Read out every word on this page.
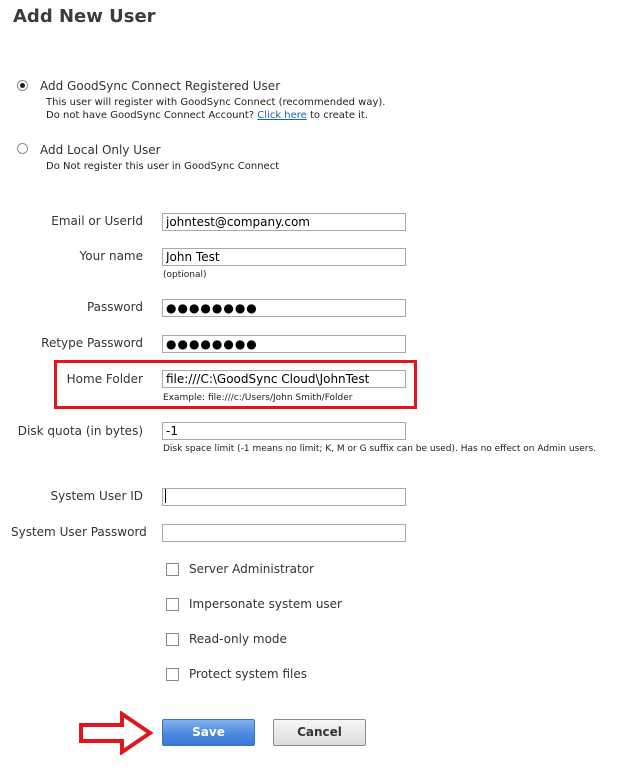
Add New User
Add GoodSync Connect Registered User
This user will register with GoodSync Connect (recommended way).
Do not have GoodSync Connect Account? Click here to create it.
Add Local Only User
Do Not register this user in GoodSync Connect
Email or UserId
johntest@company.com
Your name
John Test
(optional)
Password
●●●●●●●●
Retype Password
●●●●●●●●
Home Folder
file:///C:\GoodSync Cloud\JohnTest
Example: file:///c:/Users/John Smith/Folder
Disk quota (in bytes)
-1
Disk space limit (-1 means no limit; K, M or G suffix can be used). Has no effect on Admin users.
System User ID
System User Password
Server Administrator
Impersonate system user
Read-only mode
Protect system files
Save	Cancel
